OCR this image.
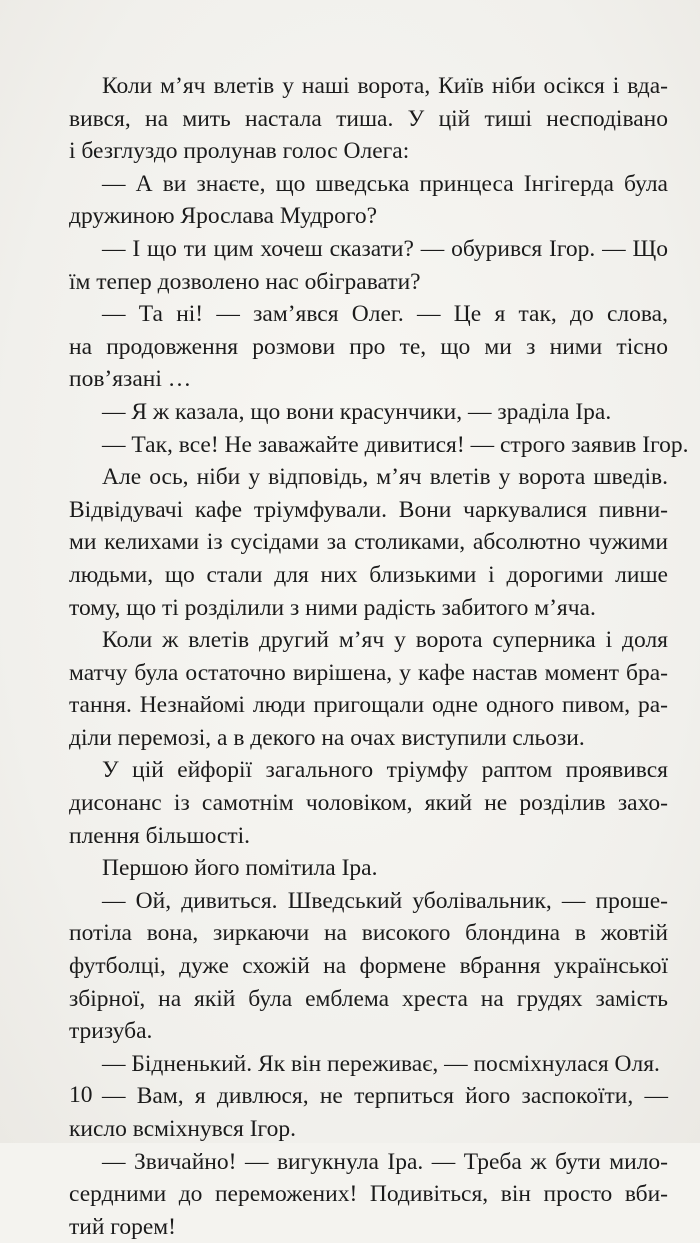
Коли м’яч влетів у наші ворота, Київ ніби осікся і вда-
вився, на мить настала тиша. У цій тиші несподівано
і безглуздо пролунав голос Олега:
— А ви знаєте, що шведська принцеса Інгігерда була
дружиною Ярослава Мудрого?
— І що ти цим хочеш сказати? — обурився Ігор. — Що
їм тепер дозволено нас обігравати?
— Та ні! — зам’явся Олег. — Це я так, до слова,
на продовження розмови про те, що ми з ними тісно
пов’язані …
— Я ж казала, що вони красунчики, — зраділа Іра.
— Так, все! Не заважайте дивитися! — строго заявив Ігор.
Але ось, ніби у відповідь, м’яч влетів у ворота шведів.
Відвідувачі кафе тріумфували. Вони чаркувалися пивни-
ми келихами із сусідами за столиками, абсолютно чужими
людьми, що стали для них близькими і дорогими лише
тому, що ті розділили з ними радість забитого м’яча.
Коли ж влетів другий м’яч у ворота суперника і доля
матчу була остаточно вирішена, у кафе настав момент бра-
тання. Незнайомі люди пригощали одне одного пивом, ра-
діли перемозі, а в декого на очах виступили сльози.
У цій ейфорії загального тріумфу раптом проявився
дисонанс із самотнім чоловіком, який не розділив захо-
плення більшості.
Першою його помітила Іра.
— Ой, дивиться. Шведський уболівальник, — проше-
потіла вона, зиркаючи на високого блондина в жовтій
футболці, дуже схожій на формене вбрання української
збірної, на якій була емблема хреста на грудях замість
тризуба.
— Бідненький. Як він переживає, — посміхнулася Оля.
— Вам, я дивлюся, не терпиться його заспокоїти, —
кисло всміхнувся Ігор.
— Звичайно! — вигукнула Іра. — Треба ж бути мило-
сердними до переможених! Подивіться, він просто вби-
тий горем!
10
